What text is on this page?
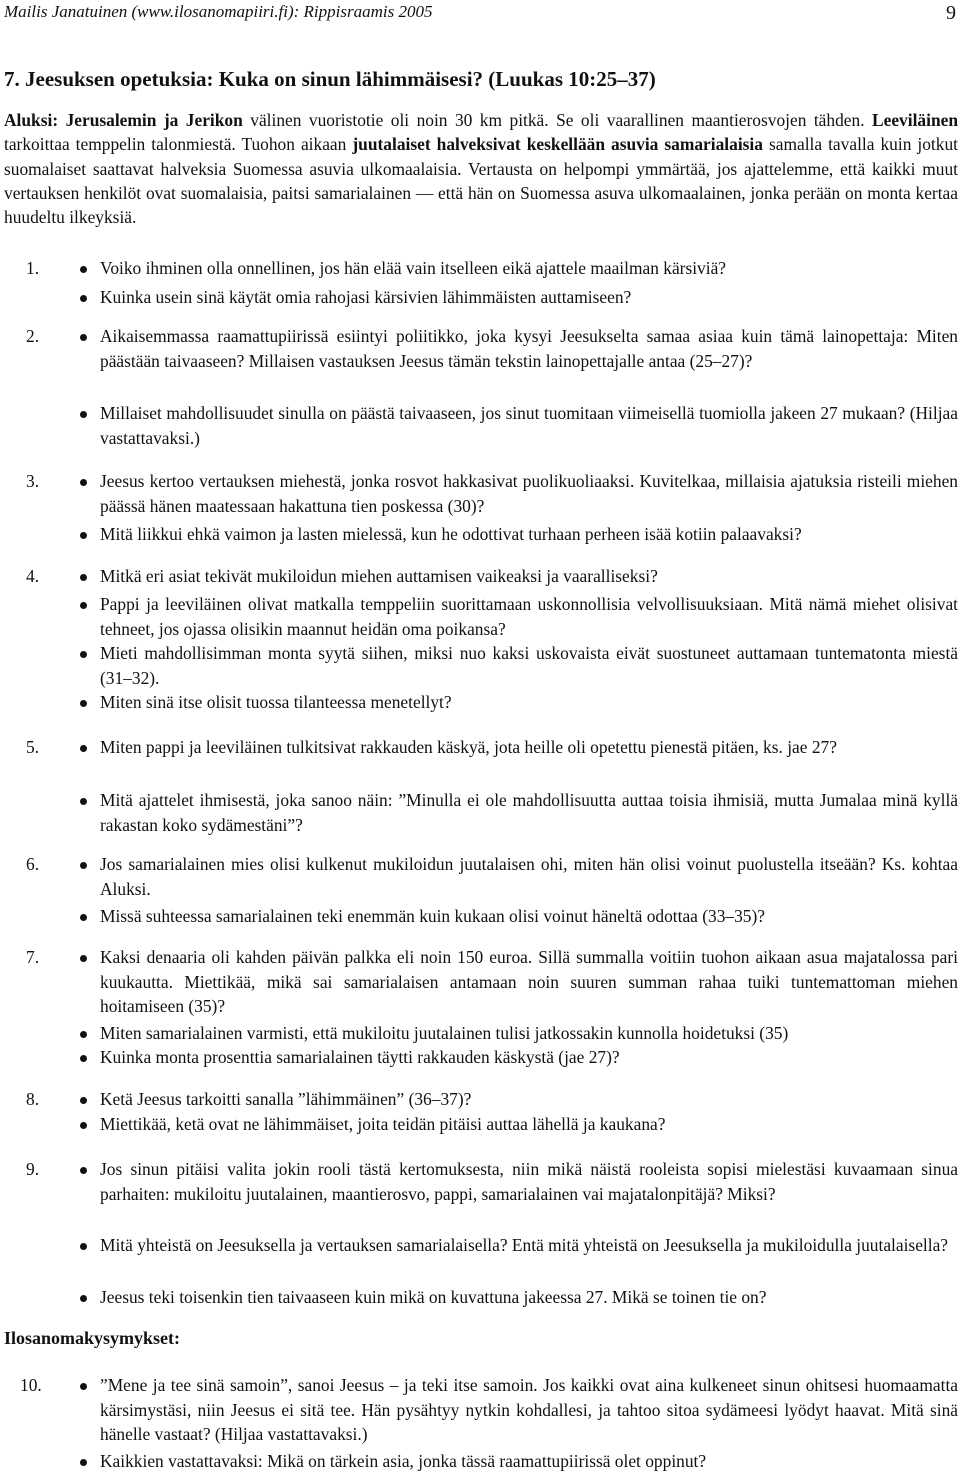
Mailis Janatuinen (www.ilosanomapiiri.fi): Rippisraamis 2005	9
7. Jeesuksen opetuksia: Kuka on sinun lähimmäisesi? (Luukas 10:25–37)
Aluksi: Jerusalemin ja Jerikon välinen vuoristotie oli noin 30 km pitkä. Se oli vaarallinen maantierosvojen tähden. Leeviläinen tarkoittaa temppelin talonmiestä. Tuohon aikaan juutalaiset halveksivat keskellään asuvia samarialaisia samalla tavalla kuin jotkut suomalaiset saattavat halveksia Suomessa asuvia ulkomaalaisia. Vertausta on helpompi ymmärtää, jos ajattelemme, että kaikki muut vertauksen henkilöt ovat suomalaisia, paitsi samarialainen — että hän on Suomessa asuva ulkomaalainen, jonka perään on monta kertaa huudeltu ilkeyksiä.
1.	Voiko ihminen olla onnellinen, jos hän elää vain itselleen eikä ajattele maailman kärsiviä?
Kuinka usein sinä käytät omia rahojasi kärsivien lähimmäisten auttamiseen?
2.	Aikaisemmassa raamattupiirissä esiintyi poliitikko, joka kysyi Jeesukselta samaa asiaa kuin tämä lainopettaja: Miten päästään taivaaseen? Millaisen vastauksen Jeesus tämän tekstin lainopettajalle antaa (25–27)?
Millaiset mahdollisuudet sinulla on päästä taivaaseen, jos sinut tuomitaan viimeisellä tuomiolla jakeen 27 mukaan? (Hiljaa vastattavaksi.)
3.	Jeesus kertoo vertauksen miehestä, jonka rosvot hakkasivat puolikuoliaaksi. Kuvitelkaa, millaisia ajatuksia risteili miehen päässä hänen maatessaan hakattuna tien poskessa (30)?
Mitä liikkui ehkä vaimon ja lasten mielessä, kun he odottivat turhaan perheen isää kotiin palaavaksi?
4.	Mitkä eri asiat tekivät mukiloidun miehen auttamisen vaikeaksi ja vaaralliseksi?
Pappi ja leeviläinen olivat matkalla temppeliin suorittamaan uskonnollisia velvollisuuksiaan. Mitä nämä miehet olisivat tehneet, jos ojassa olisikin maannut heidän oma poikansa?
Mieti mahdollisimman monta syytä siihen, miksi nuo kaksi uskovaista eivät suostuneet auttamaan tuntematonta miestä (31–32).
Miten sinä itse olisit tuossa tilanteessa menetellyt?
5.	Miten pappi ja leeviläinen tulkitsivat rakkauden käskyä, jota heille oli opetettu pienestä pitäen, ks. jae 27?
Mitä ajattelet ihmisestä, joka sanoo näin: ”Minulla ei ole mahdollisuutta auttaa toisia ihmisiä, mutta Jumalaa minä kyllä rakastan koko sydämestäni”?
6.	Jos samarialainen mies olisi kulkenut mukiloidun juutalaisen ohi, miten hän olisi voinut puolustella itseään? Ks. kohtaa Aluksi.
Missä suhteessa samarialainen teki enemmän kuin kukaan olisi voinut häneltä odottaa (33–35)?
7.	Kaksi denaaria oli kahden päivän palkka eli noin 150 euroa. Sillä summalla voitiin tuohon aikaan asua majatalossa pari kuukautta. Miettikää, mikä sai samarialaisen antamaan noin suuren summan rahaa tuiki tuntemattoman miehen hoitamiseen (35)?
Miten samarialainen varmisti, että mukiloitu juutalainen tulisi jatkossakin kunnolla hoidetuksi (35)
Kuinka monta prosenttia samarialainen täytti rakkauden käskystä (jae 27)?
8.	Ketä Jeesus tarkoitti sanalla ”lähimmäinen” (36–37)?
Miettikää, ketä ovat ne lähimmäiset, joita teidän pitäisi auttaa lähellä ja kaukana?
9.	Jos sinun pitäisi valita jokin rooli tästä kertomuksesta, niin mikä näistä rooleista sopisi mielestäsi kuvaamaan sinua parhaiten: mukiloitu juutalainen, maantierosvo, pappi, samarialainen vai majatalonpitäjä? Miksi?
Mitä yhteistä on Jeesuksella ja vertauksen samarialaisella? Entä mitä yhteistä on Jeesuksella ja mukiloidulla juutalaisella?
Jeesus teki toisenkin tien taivaaseen kuin mikä on kuvattuna jakeessa 27. Mikä se toinen tie on?
Ilosanomakysymykset:
10.	”Mene ja tee sinä samoin”, sanoi Jeesus – ja teki itse samoin. Jos kaikki ovat aina kulkeneet sinun ohitsesi huomaamatta kärsimystäsi, niin Jeesus ei sitä tee. Hän pysähtyy nytkin kohdallesi, ja tahtoo sitoa sydämeesi lyödyt haavat. Mitä sinä hänelle vastaat? (Hiljaa vastattavaksi.)
Kaikkien vastattavaksi: Mikä on tärkein asia, jonka tässä raamattupiirissä olet oppinut?
